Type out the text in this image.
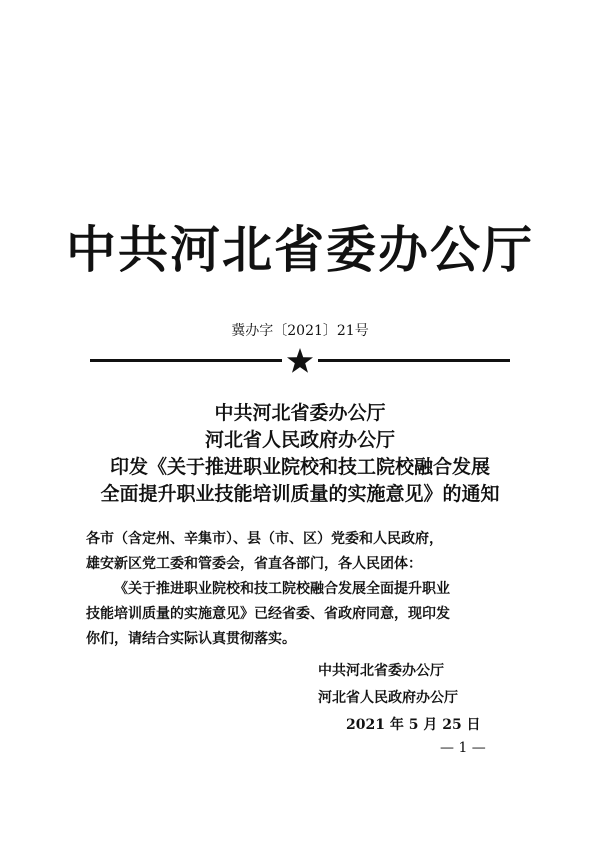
中共河北省委办公厅
冀办字〔2021〕21号
中共河北省委办公厅
河北省人民政府办公厅
印发《关于推进职业院校和技工院校融合发展
全面提升职业技能培训质量的实施意见》的通知
各市（含定州、辛集市）、县（市、区）党委和人民政府，
雄安新区党工委和管委会，省直各部门，各人民团体：
《关于推进职业院校和技工院校融合发展全面提升职业
技能培训质量的实施意见》已经省委、省政府同意，现印发
你们，请结合实际认真贯彻落实。
中共河北省委办公厅
河北省人民政府办公厅
2021 年 5 月 25 日
— 1 —
